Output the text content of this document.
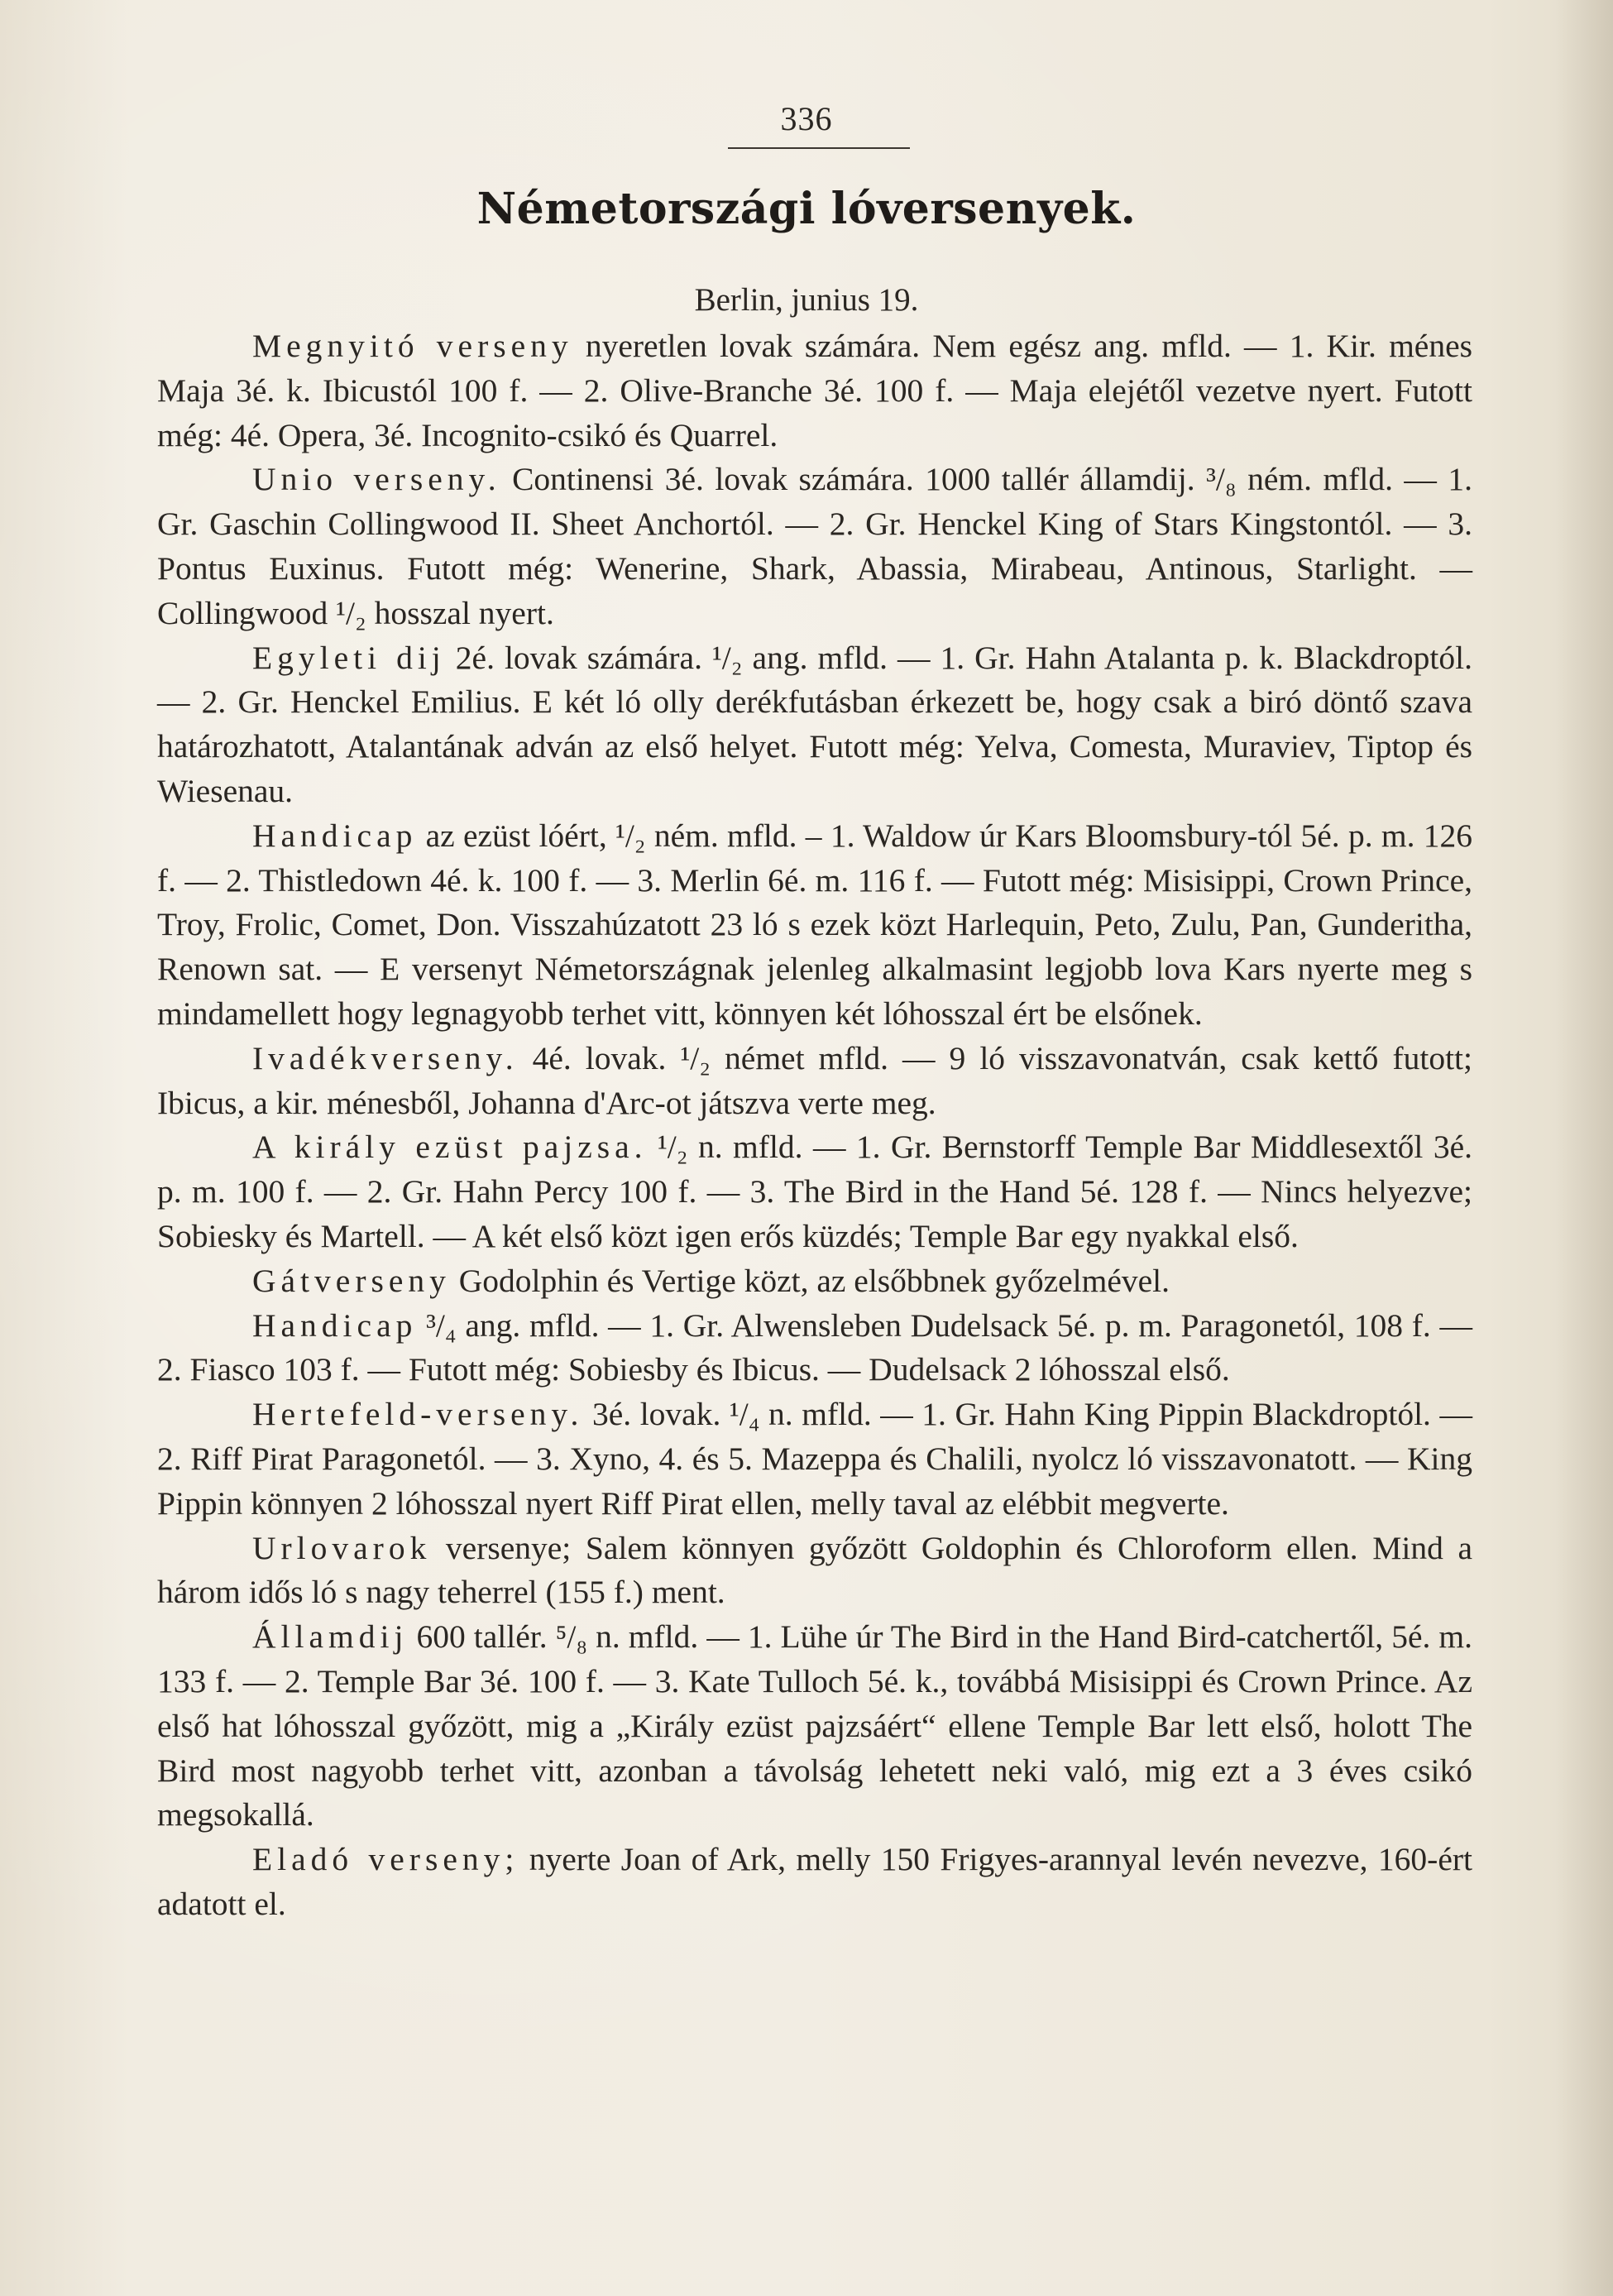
336
Németországi lóversenyek.
Berlin, junius 19.

Megnyitó verseny nyeretlen lovak számára. Nem egész ang. mfld. — 1. Kir. ménes Maja 3é. k. Ibicustól 100 f. — 2. Olive-Branche 3é. 100 f. — Maja elejétől vezetve nyert. Futott még: 4é. Opera, 3é. Incognito-csikó és Quarrel.

Unio verseny. Continensi 3é. lovak számára. 1000 tallér államdij. ³/₈ ném. mfld. — 1. Gr. Gaschin Collingwood II. Sheet Anchortól. — 2. Gr. Henckel King of Stars Kingstontól. — 3. Pontus Euxinus. Futott még: Wenerine, Shark, Abassia, Mirabeau, Antinous, Starlight. — Collingwood ¹/₂ hosszal nyert.

Egyleti dij 2é. lovak számára. ¹/₂ ang. mfld. — 1. Gr. Hahn Atalanta p. k. Blackdroptól. — 2. Gr. Henckel Emilius. E két ló olly derékfutásban érkezett be, hogy csak a biró döntő szava határozhatott, Atalantának adván az első helyet. Futott még: Yelva, Comesta, Muraviev, Tiptop és Wiesenau.

Handicap az ezüst lóért, ¹/₂ ném. mfld. – 1. Waldow úr Kars Bloomsbury-tól 5é. p. m. 126 f. — 2. Thistledown 4é. k. 100 f. — 3. Merlin 6é. m. 116 f. — Futott még: Misisippi, Crown Prince, Troy, Frolic, Comet, Don. Visszahúzatott 23 ló s ezek közt Harlequin, Peto, Zulu, Pan, Gunderitha, Renown sat. — E versenyt Németországnak jelenleg alkalmasint legjobb lova Kars nyerte meg s mindamellett hogy legnagyobb terhet vitt, könnyen két lóhosszal ért be elsőnek.

Ivadékverseny. 4é. lovak. ¹/₂ német mfld. — 9 ló visszavonatván, csak kettő futott; Ibicus, a kir. ménesből, Johanna d'Arc-ot játszva verte meg.

A király ezüst pajzsa. ¹/₂ n. mfld. — 1. Gr. Bernstorff Temple Bar Middlesextől 3é. p. m. 100 f. — 2. Gr. Hahn Percy 100 f. — 3. The Bird in the Hand 5é. 128 f. — Nincs helyezve; Sobiesky és Martell. — A két első közt igen erős küzdés; Temple Bar egy nyakkal első.

Gátverseny Godolphin és Vertige közt, az elsőbbnek győzelmével.

Handicap ³/₄ ang. mfld. — 1. Gr. Alwensleben Dudelsack 5é. p. m. Paragonetól, 108 f. — 2. Fiasco 103 f. — Futott még: Sobiesby és Ibicus. — Dudelsack 2 lóhosszal első.

Hertefeld-verseny. 3é. lovak. ¹/₄ n. mfld. — 1. Gr. Hahn King Pippin Blackdroptól. — 2. Riff Pirat Paragonetól. — 3. Xyno, 4. és 5. Mazeppa és Chalili, nyolcz ló visszavonatott. — King Pippin könnyen 2 lóhosszal nyert Riff Pirat ellen, melly taval az elébbit megverte.

Urlovarok versenye; Salem könnyen győzött Goldophin és Chloroform ellen. Mind a három idős ló s nagy teherrel (155 f.) ment.

Államdij 600 tallér. ⁵/₈ n. mfld. — 1. Lühe úr The Bird in the Hand Bird-catchertől, 5é. m. 133 f. — 2. Temple Bar 3é. 100 f. — 3. Kate Tulloch 5é. k., továbbá Misisippi és Crown Prince. Az első hat lóhosszal győzött, mig a „Király ezüst pajzsáért“ ellene Temple Bar lett első, holott The Bird most nagyobb terhet vitt, azonban a távolság lehetett neki való, mig ezt a 3 éves csikó megsokallá.

Eladó verseny; nyerte Joan of Ark, melly 150 Frigyes-arannyal levén nevezve, 160-ért adatott el.
